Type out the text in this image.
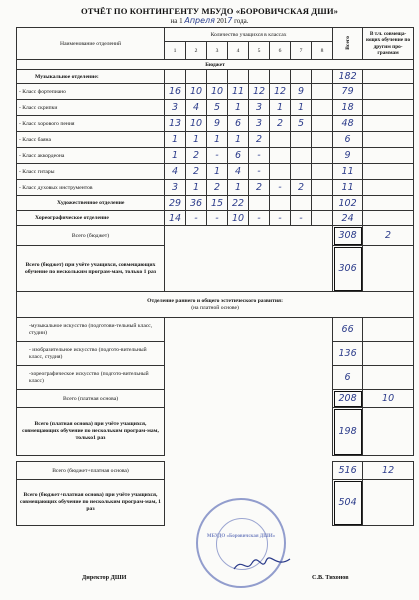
ОТЧЁТ ПО КОНТИНГЕНТУ МБУДО «БОРОВИЧСКАЯ ДШИ»
на 1 Апреля 2017 года.
Наименование отделений	Количество учащихся в классах								Всего	В т.ч. совмеща-ющих обучение по другим про-граммам
	1	2	3	4	5	6	7	8		
Бюджет										
Музыкальное отделение:									182	
- Класс фортепиано	16	10	10	11	12	12	9		79	
- Класс скрипки	3	4	5	1	3	1	1		18	
- Класс хорового пения	13	10	9	6	3	2	5		48	
- Класс баяна	1	1	1	1	2				6	
- Класс аккордеона	1	2	-	6	-				9	
- Класс гитары	4	2	1	4	-				11	
- Класс духовых инструментов	3	1	2	1	2	-	2		11	
Художественное отделение	29	36	15	22					102	
Хореографическое отделение	14	-	-	10	-	-	-		24	
Всего (бюджет)									308	2
Всего (бюджет) при учёте учащихся, совмещающих обучение по нескольким програм-мам, только 1 раз									306	
Отделение раннего и общего эстетического развития:
(на платной основе)										
-музыкальное искусство (подготови-тельный класс, студии)									66	
- изобразительное искусство (подгото-вительный класс, студия)									136	
-хореографическое искусство (подгото-вительный класс)									6	
Всего (платная основа)									208	10
Всего (платная основа) при учёте учащихся, совмещающих обучение по нескольким програм-мам, только1 раз									198	

Всего (бюджет+платная основа)									516	12
Всего (бюджет+платная основа) при учёте учащихся, совмещающих обучение по нескольким програм-мам, 1 раз									504	
МБУДО «Боровичская ДШИ»
Директор ДШИ	С.В. Тихонов
